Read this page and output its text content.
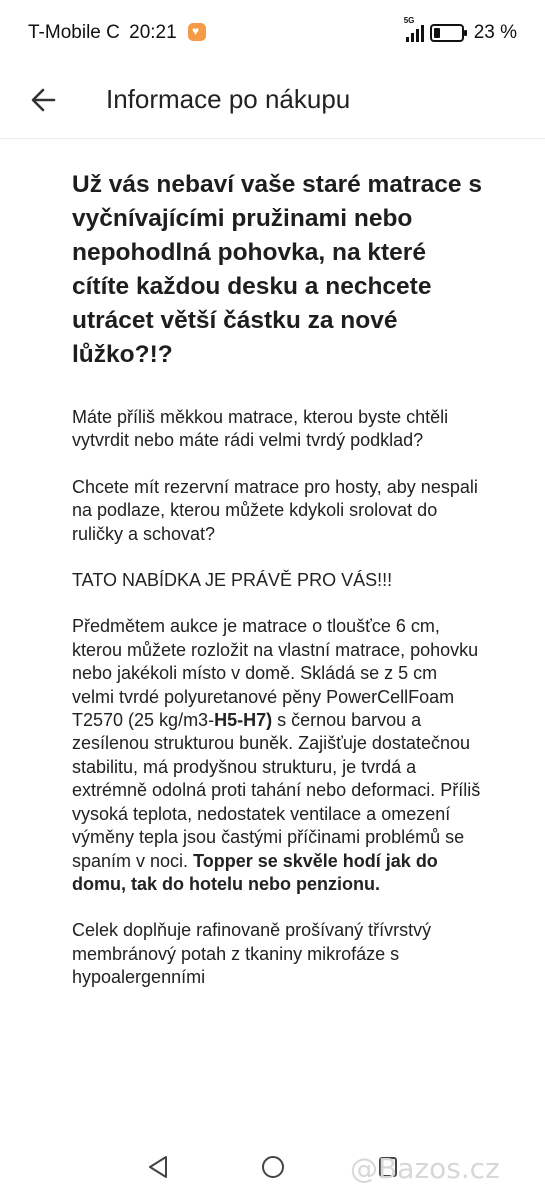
T-Mobile C 20:21 ♥
5G
23 %
Informace po nákupu
Už vás nebaví vaše staré matrace s vyčnívajícími pružinami nebo nepohodlná pohovka, na které cítíte každou desku a nechcete utrácet větší částku za nové lůžko?!?

Máte příliš měkkou matrace, kterou byste chtěli vytvrdit nebo máte rádi velmi tvrdý podklad?

Chcete mít rezervní matrace pro hosty, aby nespali na podlaze, kterou můžete kdykoli srolovat do ruličky a schovat?

TATO NABÍDKA JE PRÁVĚ PRO VÁS!!!

Předmětem aukce je matrace o tloušťce 6 cm, kterou můžete rozložit na vlastní matrace, pohovku nebo jakékoli místo v domě. Skládá se z 5 cm velmi tvrdé polyuretanové pěny PowerCellFoam T2570 (25 kg/m3-H5-H7) s černou barvou a zesílenou strukturou buněk. Zajišťuje dostatečnou stabilitu, má prodyšnou strukturu, je tvrdá a extrémně odolná proti tahání nebo deformaci. Příliš vysoká teplota, nedostatek ventilace a omezení výměny tepla jsou častými příčinami problémů se spaním v noci. Topper se skvěle hodí jak do domu, tak do hotelu nebo penzionu.

Celek doplňuje rafinovaně prošívaný třívrstvý membránový potah z tkaniny mikrofáze s hypoalergenními

@Bazos.cz
